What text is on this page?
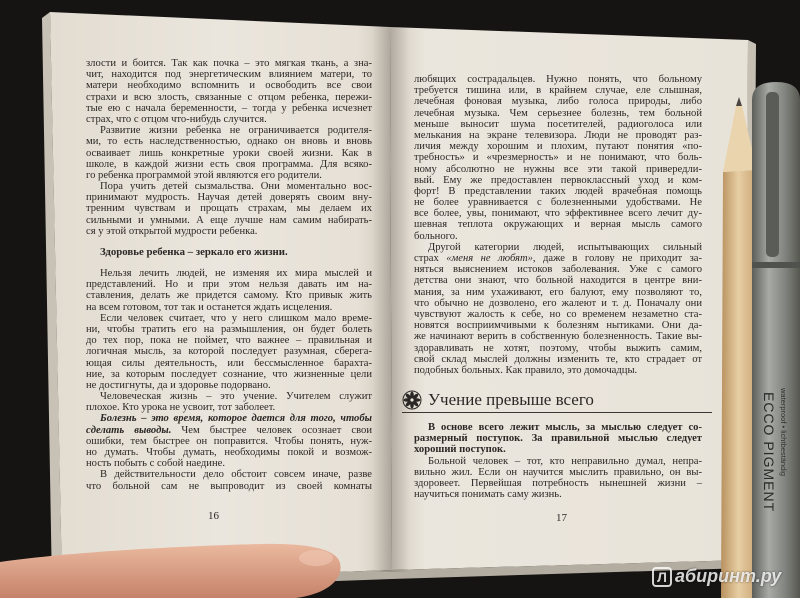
ECCO PIGMENT waterproof • lichtbeständig
злости и боится. Так как почка – это мягкая ткань, а зна-
чит, находится под энергетическим влиянием матери, то
матери необходимо вспомнить и освободить все свои
страхи и всю злость, связанные с отцом ребенка, пережи-
тые ею с начала беременности, – тогда у ребенка исчезнет
страх, что с отцом что-нибудь случится.
Развитие жизни ребенка не ограничивается родителя-
ми, то есть наследственностью, однако он вновь и вновь
осваивает лишь конкретные уроки своей жизни. Как в
школе, в каждой жизни есть своя программа. Для всяко-
го ребенка программой этой являются его родители.
Пора учить детей сызмальства. Они моментально вос-
принимают мудрость. Научая детей доверять своим вну-
тренним чувствам и прощать страхам, мы делаем их
сильными и умными. А еще лучше нам самим набирать-
ся у этой открытой мудрости ребенка.
Здоровье ребенка – зеркало его жизни.
Нельзя лечить людей, не изменяя их мира мыслей и
представлений. Но и при этом нельзя давать им на-
ставления, делать же придется самому. Кто привык жить
на всем готовом, тот так и останется ждать исцеления.
Если человек считает, что у него слишком мало време-
ни, чтобы тратить его на размышления, он будет болеть
до тех пор, пока не поймет, что важнее – правильная и
логичная мысль, за которой последует разумная, сберега-
ющая силы деятельность, или бессмысленное барахта-
ние, за которым последует сознание, что жизненные цели
не достигнуты, да и здоровье подорвано.
Человеческая жизнь – это учение. Учителем служит
плохое. Кто урока не усвоит, тот заболеет.
Болезнь – это время, которое дается для того, чтобы
сделать выводы. Чем быстрее человек осознает свои
ошибки, тем быстрее он поправится. Чтобы понять, нуж-
но думать. Чтобы думать, необходимы покой и возмож-
ность побыть с собой наедине.
В действительности дело обстоит совсем иначе, разве
что больной сам не выпроводит из своей комнаты
любящих сострадальцев. Нужно понять, что больному
требуется тишина или, в крайнем случае, еле слышная,
лечебная фоновая музыка, либо голоса природы, либо
лечебная музыка. Чем серьезнее болезнь, тем больной
меньше выносит шума посетителей, радиоголоса или
мелькания на экране телевизора. Люди не проводят раз-
личия между хорошим и плохим, путают понятия «по-
требность» и «чрезмерность» и не понимают, что боль-
ному абсолютно не нужны все эти такой привередли-
вый. Ему же предоставлен первоклассный уход и ком-
форт! В представлении таких людей врачебная помощь
не более уравнивается с болезненными удобствами. Не
все более, увы, понимают, что эффективнее всего лечит ду-
шевная теплота окружающих и верная мысль самого
больного.
Другой категории людей, испытывающих сильный
страх «меня не любят», даже в голову не приходит за-
няться выяснением истоков заболевания. Уже с самого
детства они знают, что больной находится в центре вни-
мания, за ним ухаживают, его балуют, ему позволяют то,
что обычно не дозволено, его жалеют и т. д. Поначалу они
чувствуют жалость к себе, но со временем незаметно ста-
новятся восприимчивыми к болезням нытиками. Они да-
же начинают верить в собственную болезненность. Такие вы-
здоравливать не хотят, поэтому, чтобы выжить самим,
свой склад мыслей должны изменить те, кто страдает от
подобных больных. Как правило, это домочадцы.
Учение превыше всего
В основе всего лежит мысль, за мыслью следует со-
размерный поступок. За правильной мыслью следует
хороший поступок.
Больной человек – тот, кто неправильно думал, непра-
вильно жил. Если он научится мыслить правильно, он вы-
здоровеет. Первейшая потребность нынешней жизни –
научиться понимать саму жизнь.
16	17
Л абиринт.ру
